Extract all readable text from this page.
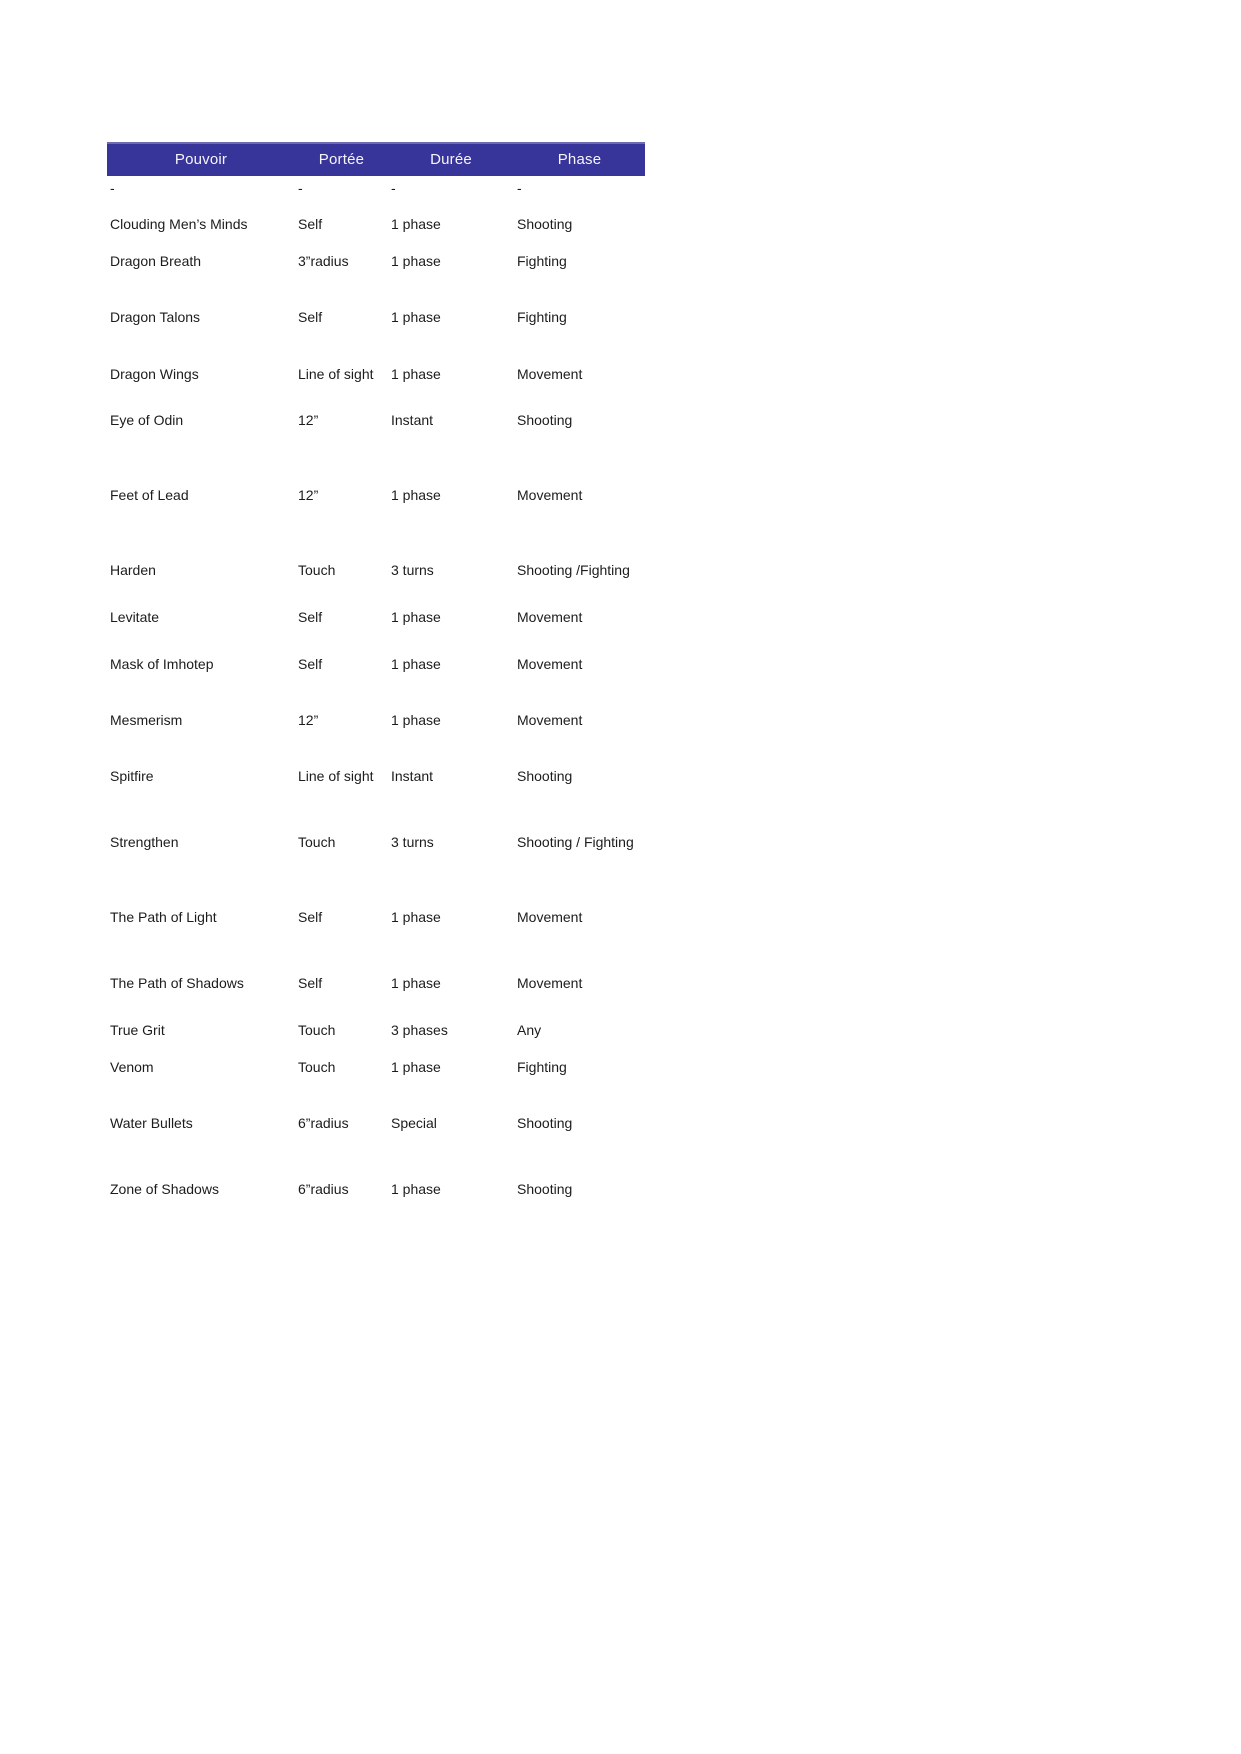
Pouvoir	Portée	Durée	Phase
-	-	-	-
Clouding Men’s Minds	Self	1 phase	Shooting
Dragon Breath	3”radius	1 phase	Fighting
Dragon Talons	Self	1 phase	Fighting
Dragon Wings	Line of sight	1 phase	Movement
Eye of Odin	12”	Instant	Shooting
Feet of Lead	12”	1 phase	Movement
Harden	Touch	3 turns	Shooting /Fighting
Levitate	Self	1 phase	Movement
Mask of Imhotep	Self	1 phase	Movement
Mesmerism	12”	1 phase	Movement
Spitfire	Line of sight	Instant	Shooting
Strengthen	Touch	3 turns	Shooting / Fighting
The Path of Light	Self	1 phase	Movement
The Path of Shadows	Self	1 phase	Movement
True Grit	Touch	3 phases	Any
Venom	Touch	1 phase	Fighting
Water Bullets	6”radius	Special	Shooting
Zone of Shadows	6”radius	1 phase	Shooting
